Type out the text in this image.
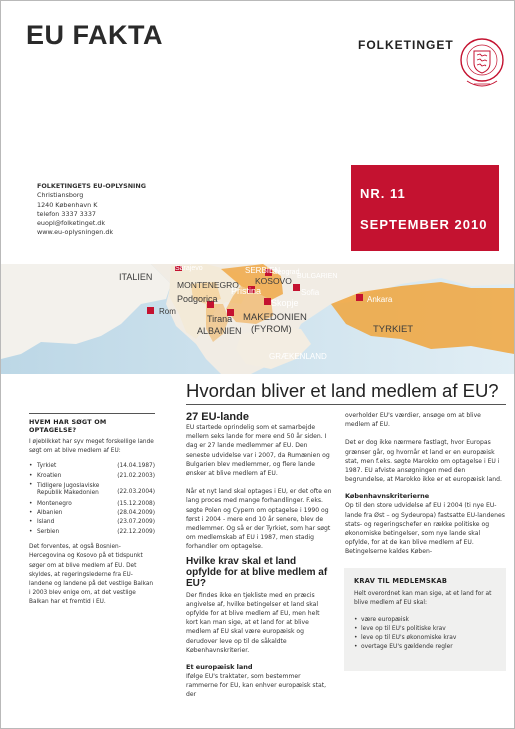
EU FAKTA	FOLKETINGET
FOLKETINGETS EU-OPLYSNING
Christiansborg
1240 København K
telefon 3337 3337
euopl@folketinget.dk
www.eu-oplysningen.dk
NR. 11
SEPTEMBER 2010
ITALIEN
Rom
MONTENEGRO
Podgorica
Tirana
ALBANIEN
SERBIEN
KOSOVO
Pristina
Skopje
Sofia
MAKEDONIEN
(FYROM)
GRÆKENLAND
Ankara
TYRKIET
Sarajevo
Beograd
BULGARIEN
Hvordan bliver et land medlem af EU?
HVEM HAR SØGT OM OPTAGELSE?
I øjeblikket har syv meget forskellige lande søgt om at blive medlem af EU:
• Tyrkiet	(14.04.1987)
• Kroatien	(21.02.2003)
• Tidligere Jugoslaviske Republik Makedonien	(22.03.2004)
• Montenegro	(15.12.2008)
• Albanien	(28.04.2009)
• Island	(23.07.2009)
• Serbien	(22.12.2009)
Det forventes, at også Bosnien-Hercegovina og Kosovo på et tidspunkt søger om at blive medlem af EU. Det skyldes, at regeringslederne fra EU-landene og landene på det vestlige Balkan i 2003 blev enige om, at det vestlige Balkan har et fremtid i EU.
27 EU-lande

EU startede oprindelig som et samarbejde mellem seks lande for mere end 50 år siden. I dag er 27 lande medlemmer af EU. Den seneste udvidelse var i 2007, da Rumænien og Bulgarien blev medlemmer, og flere lande ønsker at blive medlem af EU.

Når et nyt land skal optages i EU, er det ofte en lang proces med mange forhandlinger. F.eks. søgte Polen og Cypern om optagelse i 1990 og først i 2004 - mere end 10 år senere, blev de medlemmer. Og så er der Tyrkiet, som har søgt om medlemskab af EU i 1987, men stadig forhandler om optagelse.

Hvilke krav skal et land opfylde for at blive medlem af EU?

Der findes ikke en tjekliste med en præcis angivelse af, hvilke betingelser et land skal opfylde for at blive medlem af EU, men helt kort kan man sige, at et land for at blive medlem af EU skal være europæisk og derudover leve op til de såkaldte Københavnskriterier.

Et europæisk land

Ifølge EU's traktater, som bestemmer rammerne for EU, kan enhver europæisk stat, der

overholder EU's værdier, ansøge om at blive medlem af EU.

Det er dog ikke nærmere fastlagt, hvor Europas grænser går, og hvornår et land er en europæisk stat, men f.eks. søgte Marokko om optagelse i EU i 1987. EU afviste ansøgningen med den begrundelse, at Marokko ikke er et europæisk land.

Københavnskriterierne

Op til den store udvidelse af EU i 2004 (ti nye EU-lande fra Øst – og Sydeuropa) fastsatte EU-landenes stats- og regeringschefer en række politiske og økonomiske betingelser, som nye lande skal opfylde, for at de kan blive medlem af EU. Betingelserne kaldes Køben-

KRAV TIL MEDLEMSKAB
Helt overordnet kan man sige, at et land for at blive medlem af EU skal:
• være europæisk
• leve op til EU's politiske krav
• leve op til EU's økonomiske krav
• overtage EU's gældende regler
